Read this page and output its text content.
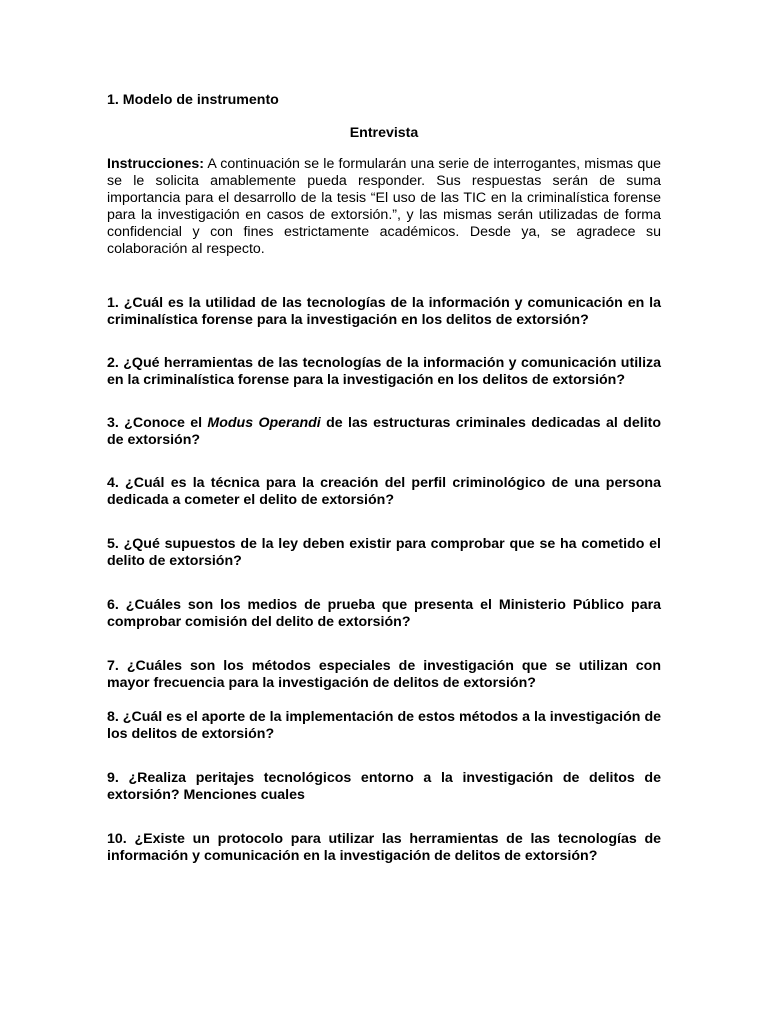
1. Modelo de instrumento
Entrevista

Instrucciones: A continuación se le formularán una serie de interrogantes, mismas que se le solicita amablemente pueda responder. Sus respuestas serán de suma importancia para el desarrollo de la tesis “El uso de las TIC en la criminalística forense para la investigación en casos de extorsión.”, y las mismas serán utilizadas de forma confidencial y con fines estrictamente académicos. Desde ya, se agradece su colaboración al respecto.

1. ¿Cuál es la utilidad de las tecnologías de la información y comunicación en la criminalística forense para la investigación en los delitos de extorsión?

2. ¿Qué herramientas de las tecnologías de la información y comunicación utiliza en la criminalística forense para la investigación en los delitos de extorsión?

3. ¿Conoce el Modus Operandi de las estructuras criminales dedicadas al delito de extorsión?

4. ¿Cuál es la técnica para la creación del perfil criminológico de una persona dedicada a cometer el delito de extorsión?

5. ¿Qué supuestos de la ley deben existir para comprobar que se ha cometido el delito de extorsión?

6. ¿Cuáles son los medios de prueba que presenta el Ministerio Público para comprobar comisión del delito de extorsión?

7. ¿Cuáles son los métodos especiales de investigación que se utilizan con mayor frecuencia para la investigación de delitos de extorsión?

8. ¿Cuál es el aporte de la implementación de estos métodos a la investigación de los delitos de extorsión?

9. ¿Realiza peritajes tecnológicos entorno a la investigación de delitos de extorsión? Menciones cuales

10. ¿Existe un protocolo para utilizar las herramientas de las tecnologías de información y comunicación en la investigación de delitos de extorsión?
